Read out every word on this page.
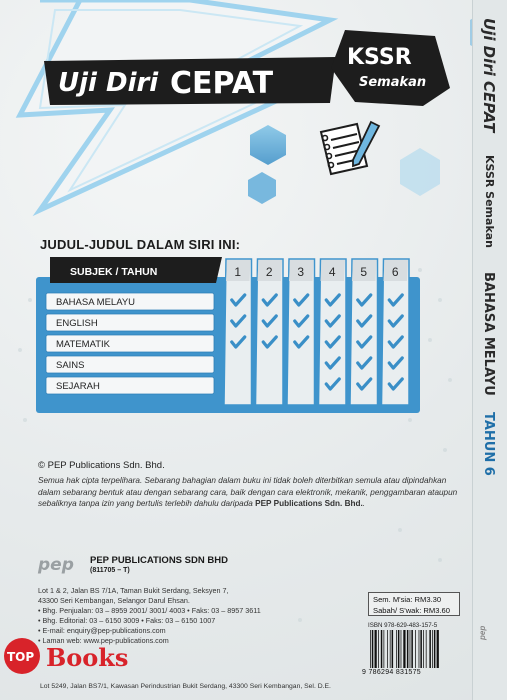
Uji Diri CEPAT
KSSR
Semakan	Uji Diri CEPAT
KSSR Semakan
BAHASA MELAYU
TAHUN 6
JUDUL-JUDUL DALAM SIRI INI:
SUBJEK / TAHUN	1 2 3 4 5 6
BAHASA MELAYU
ENGLISH
MATEMATIK
SAINS
SEJARAH
© PEP Publications Sdn. Bhd.
Semua hak cipta terpelihara. Sebarang bahagian dalam buku ini tidak boleh diterbitkan semula atau dipindahkan dalam sebarang bentuk atau dengan sebarang cara, baik dengan cara elektronik, mekanik, penggambaran ataupun sebaliknya tanpa izin yang bertulis terlebih dahulu daripada PEP Publications Sdn. Bhd..
pep PEP PUBLICATIONS SDN BHD
(811705 – T)
Lot 1 & 2, Jalan BS 7/1A, Taman Bukit Serdang, Seksyen 7,
43300 Seri Kembangan, Selangor Darul Ehsan.
• Bhg. Penjualan: 03 – 8959 2001/ 3001/ 4003 • Faks: 03 – 8957 3611
• Bhg. Editorial: 03 – 6150 3009 • Faks: 03 – 6150 1007
• E-mail: enquiry@pep-publications.com
• Laman web: www.pep-publications.com
Sem. M'sia: RM3.30
Sabah/ S'wak: RM3.60
ISBN 978-629-483-157-5
9 786294 831575
TOP Books
Lot 5249, Jalan BS7/1, Kawasan Perindustrian Bukit Serdang, 43300 Seri Kembangan, Sel. D.E.
pep
